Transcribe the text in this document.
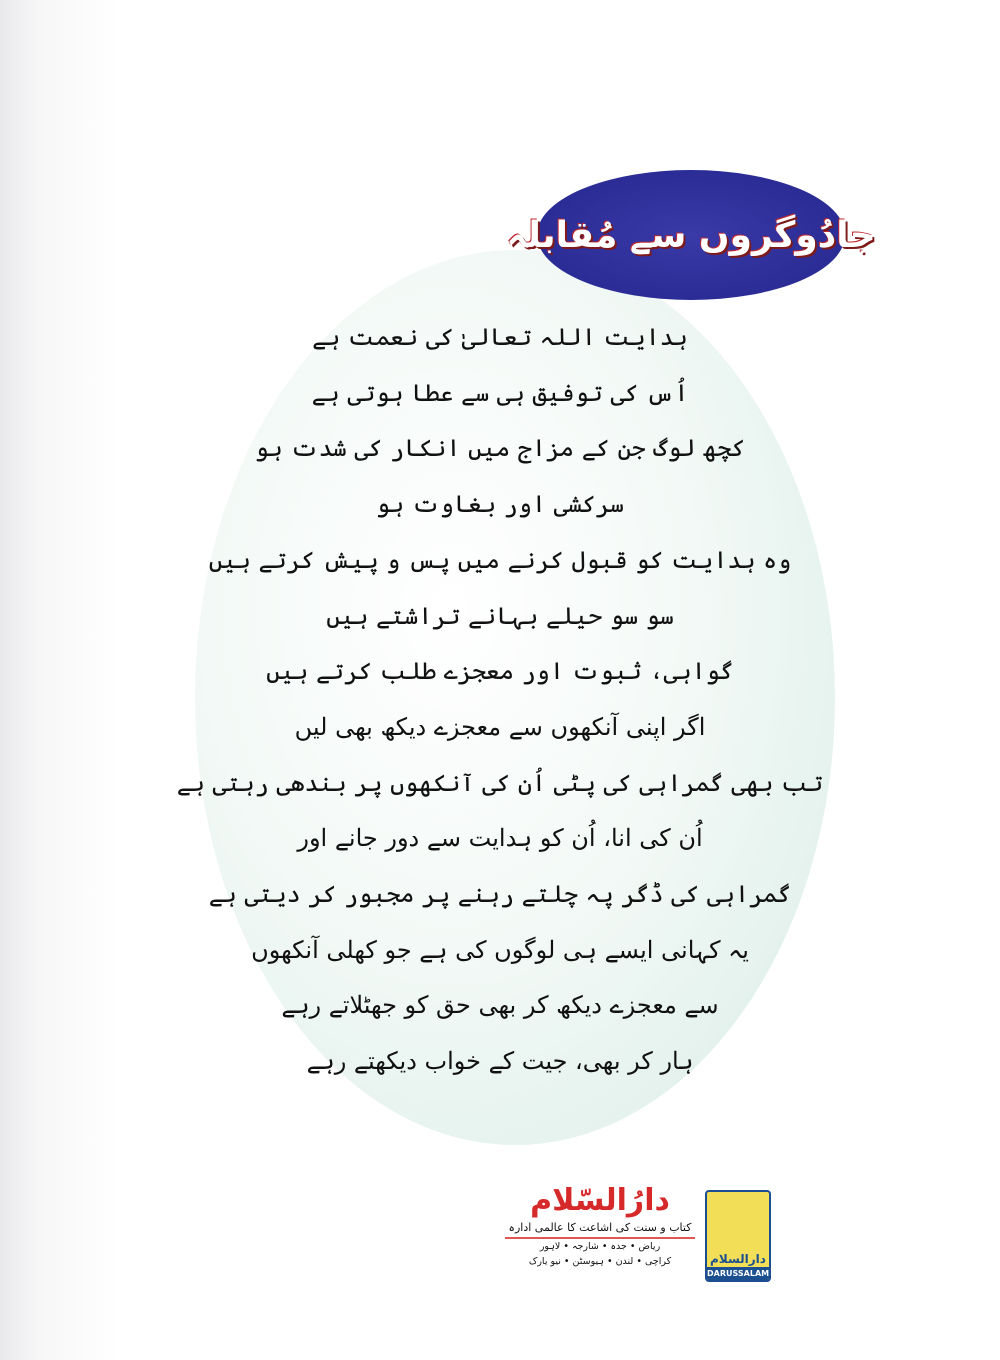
جادُوگروں سے مُقابلہ
ہدایت اللہ تعالیٰ کی نعمت ہے
اُس کی توفیق ہی سے عطا ہوتی ہے
کچھ لوگ جن کے مزاج میں انکار کی شدت ہو
سرکشی اور بغاوت ہو
وہ ہدایت کو قبول کرنے میں پس و پیش کرتے ہیں
سو سو حیلے بہانے تراشتے ہیں
گواہی، ثبوت اور معجزے طلب کرتے ہیں
اگر اپنی آنکھوں سے معجزے دیکھ بھی لیں
تب بھی گمراہی کی پٹی اُن کی آنکھوں پر بندھی رہتی ہے
اُن کی انا، اُن کو ہدایت سے دور جانے اور
گمراہی کی ڈگر پہ چلتے رہنے پر مجبور کر دیتی ہے
یہ کہانی ایسے ہی لوگوں کی ہے جو کھلی آنکھوں
سے معجزے دیکھ کر بھی حق کو جھٹلاتے رہے
ہار کر بھی، جیت کے خواب دیکھتے رہے
دارُالسّلام
کتاب و سنت کی اشاعت کا عالمی ادارہ
ریاض • جدہ • شارجہ • لاہور
کراچی • لندن • ہیوسٹن • نیو یارک	دارالسلام
DARUSSALAM
